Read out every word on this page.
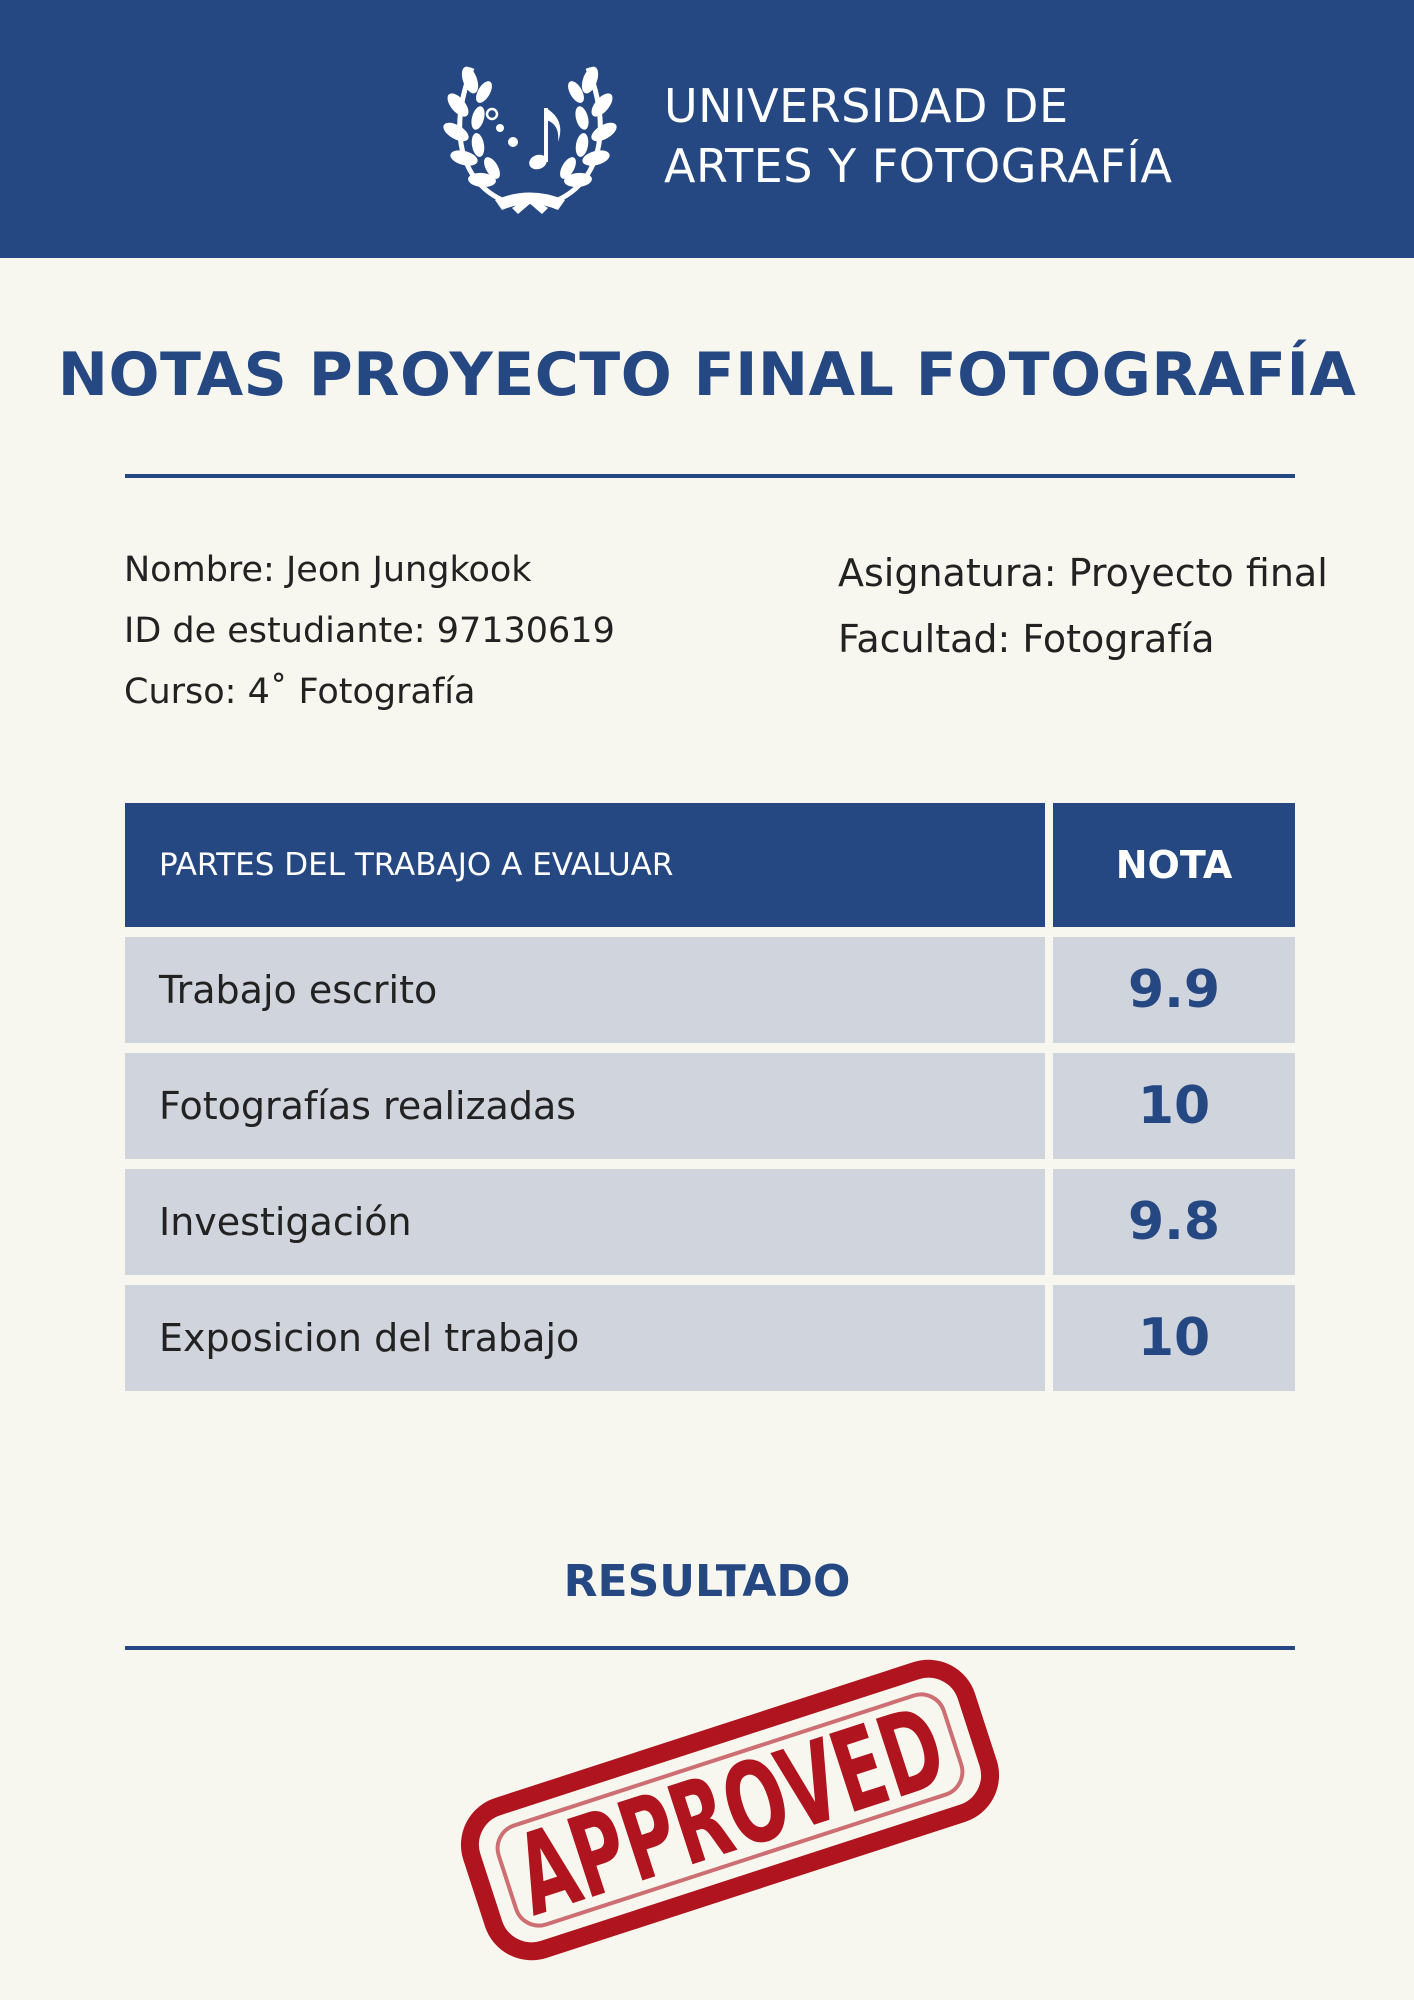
UNIVERSIDAD DE
ARTES Y FOTOGRAFÍA
NOTAS PROYECTO FINAL FOTOGRAFÍA
Nombre: Jeon Jungkook
ID de estudiante: 97130619
Curso: 4˚ Fotografía
Asignatura: Proyecto final
Facultad: Fotografía
PARTES DEL TRABAJO A EVALUAR	NOTA
Trabajo escrito	9.9
Fotografías realizadas	10
Investigación	9.8
Exposicion del trabajo	10
RESULTADO
APPROVED
